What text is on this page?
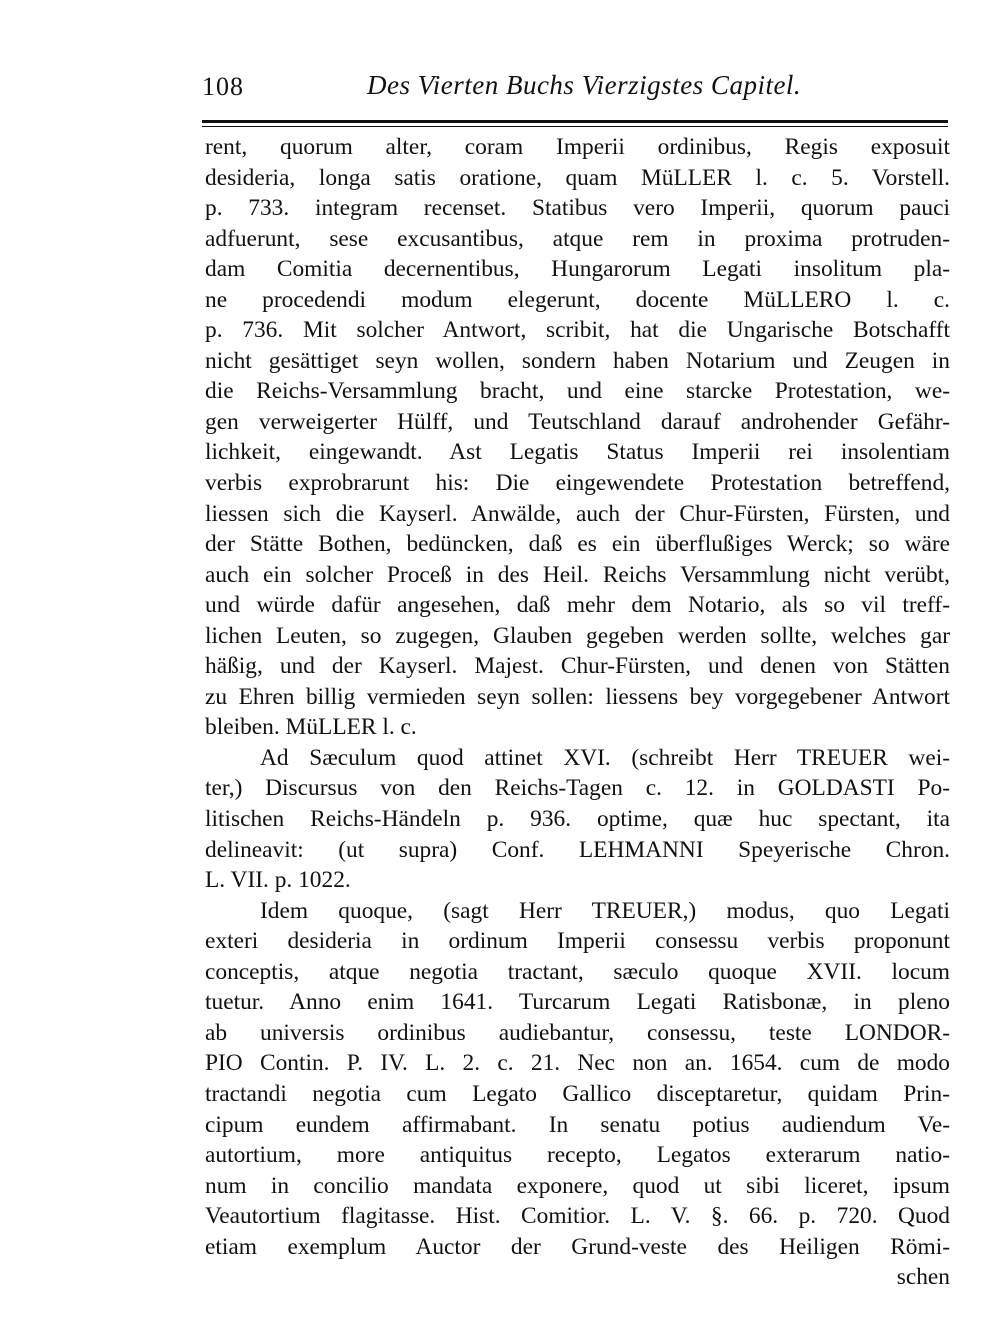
108	Des Vierten Buchs Vierzigstes Capitel.
rent, quorum alter, coram Imperii ordinibus, Regis exposuit
desideria, longa satis oratione, quam MüLLER l. c. 5. Vorstell.
p. 733. integram recenset. Statibus vero Imperii, quorum pauci
adfuerunt, sese excusantibus, atque rem in proxima protruden-
dam Comitia decernentibus, Hungarorum Legati insolitum pla-
ne procedendi modum elegerunt, docente MüLLERO l. c.
p. 736. Mit solcher Antwort, scribit, hat die Ungarische Botschafft
nicht gesättiget seyn wollen, sondern haben Notarium und Zeugen in
die Reichs-Versammlung bracht, und eine starcke Protestation, we-
gen verweigerter Hülff, und Teutschland darauf androhender Gefähr-
lichkeit, eingewandt. Ast Legatis Status Imperii rei insolentiam
verbis exprobrarunt his: Die eingewendete Protestation betreffend,
liessen sich die Kayserl. Anwälde, auch der Chur-Fürsten, Fürsten, und
der Stätte Bothen, bedüncken, daß es ein überflußiges Werck; so wäre
auch ein solcher Proceß in des Heil. Reichs Versammlung nicht verübt,
und würde dafür angesehen, daß mehr dem Notario, als so vil treff-
lichen Leuten, so zugegen, Glauben gegeben werden sollte, welches gar
häßig, und der Kayserl. Majest. Chur-Fürsten, und denen von Stätten
zu Ehren billig vermieden seyn sollen: liessens bey vorgegebener Antwort
bleiben. MüLLER l. c.
Ad Sæculum quod attinet XVI. (schreibt Herr TREUER wei-
ter,) Discursus von den Reichs-Tagen c. 12. in GOLDASTI Po-
litischen Reichs-Händeln p. 936. optime, quæ huc spectant, ita
delineavit: (ut supra) Conf. LEHMANNI Speyerische Chron.
L. VII. p. 1022.
Idem quoque, (sagt Herr TREUER,) modus, quo Legati
exteri desideria in ordinum Imperii consessu verbis proponunt
conceptis, atque negotia tractant, sæculo quoque XVII. locum
tuetur. Anno enim 1641. Turcarum Legati Ratisbonæ, in pleno
ab universis ordinibus audiebantur, consessu, teste LONDOR-
PIO Contin. P. IV. L. 2. c. 21. Nec non an. 1654. cum de modo
tractandi negotia cum Legato Gallico disceptaretur, quidam Prin-
cipum eundem affirmabant. In senatu potius audiendum Ve-
autortium, more antiquitus recepto, Legatos exterarum natio-
num in concilio mandata exponere, quod ut sibi liceret, ipsum
Veautortium flagitasse. Hist. Comitior. L. V. §. 66. p. 720. Quod
etiam exemplum Auctor der Grund-veste des Heiligen Römi-
schen
